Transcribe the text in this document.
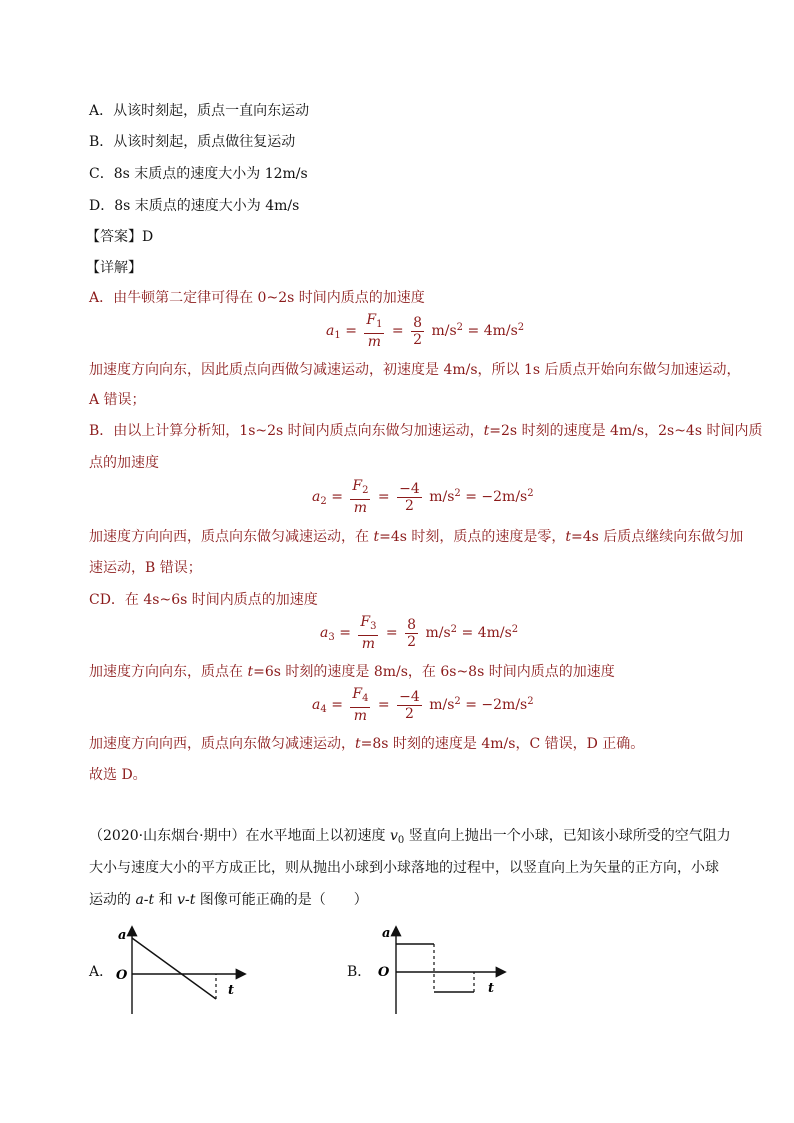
A．从该时刻起，质点一直向东运动
B．从该时刻起，质点做往复运动
C．8s 末质点的速度大小为 12m/s
D．8s 末质点的速度大小为 4m/s
【答案】D
【详解】
A．由牛顿第二定律可得在 0~2s 时间内质点的加速度
$a_1 = \frac{F_1}{m} = \frac{8}{2} m/s^2 = 4m/s^2$
加速度方向向东，因此质点向西做匀减速运动，初速度是 4m/s，所以 1s 后质点开始向东做匀加速运动，
A 错误；
B．由以上计算分析知，1s~2s 时间内质点向东做匀加速运动，t=2s 时刻的速度是 4m/s，2s~4s 时间内质
点的加速度
$a_2 = \frac{F_2}{m} = \frac{-4}{2} m/s^2 = -2m/s^2$
加速度方向向西，质点向东做匀减速运动，在 t=4s 时刻，质点的速度是零，t=4s 后质点继续向东做匀加
速运动，B 错误；
CD．在 4s~6s 时间内质点的加速度
$a_3 = \frac{F_3}{m} = \frac{8}{2} m/s^2 = 4m/s^2$
加速度方向向东，质点在 t=6s 时刻的速度是 8m/s，在 6s~8s 时间内质点的加速度
$a_4 = \frac{F_4}{m} = \frac{-4}{2} m/s^2 = -2m/s^2$
加速度方向向西，质点向东做匀减速运动，t=8s 时刻的速度是 4m/s，C 错误，D 正确。
故选 D。
（2020·山东烟台·期中）在水平地面上以初速度 $v_0$ 竖直向上抛出一个小球，已知该小球所受的空气阻力
大小与速度大小的平方成正比，则从抛出小球到小球落地的过程中，以竖直向上为矢量的正方向，小球
运动的 a-t 和 v-t 图像可能正确的是（　　）
A．
a
O
t
B．
a
O
t
